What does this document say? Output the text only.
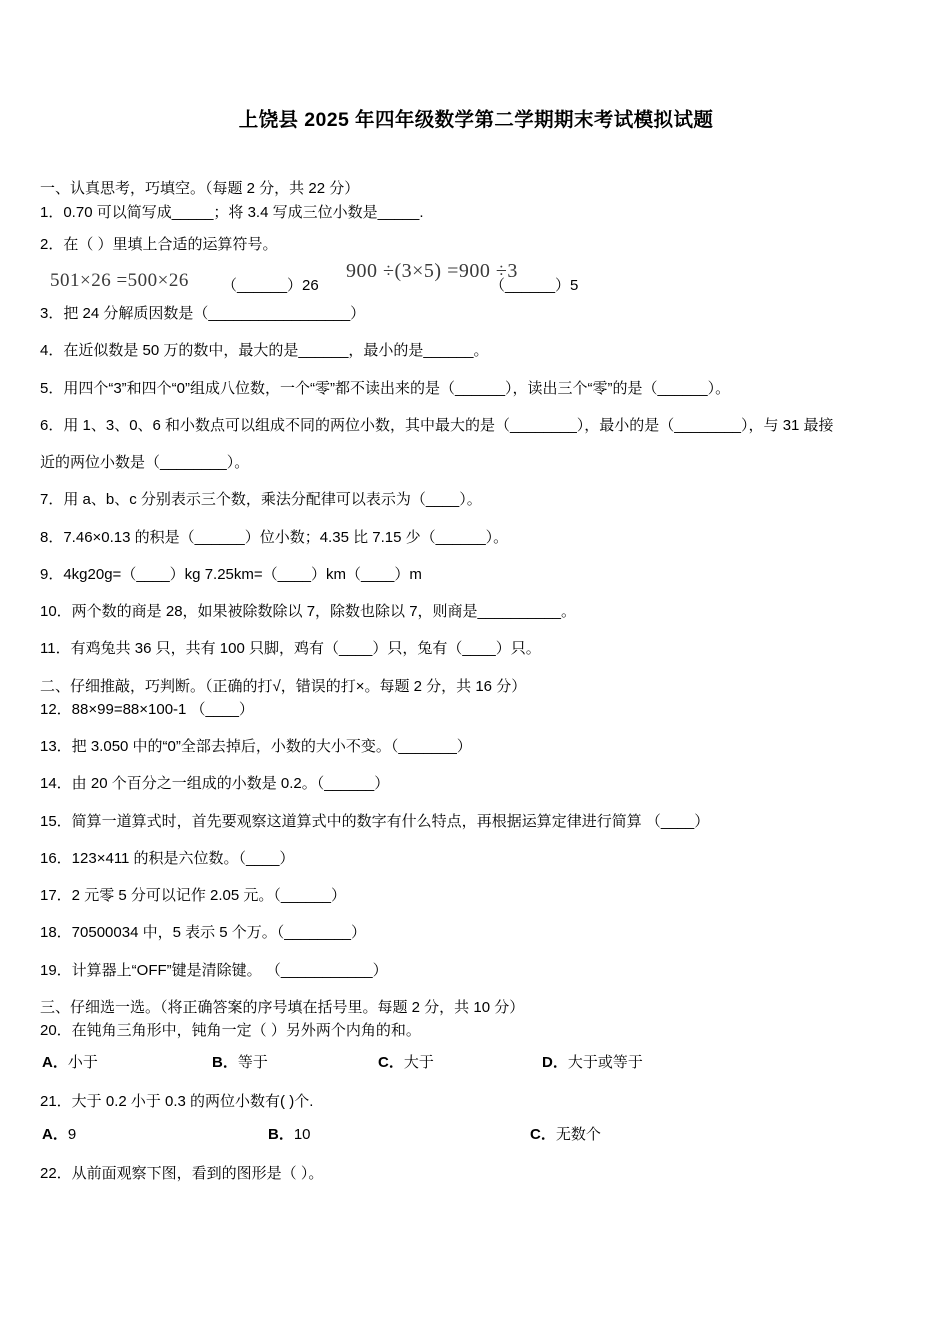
上饶县 2025 年四年级数学第二学期期末考试模拟试题

一、认真思考，巧填空。（每题 2 分，共 22 分）

1．0.70 可以简写成_____；将 3.4 写成三位小数是_____.

2．在（ ）里填上合适的运算符号。

501×26 =500×26 （______）26
900 ÷(3×5) =900 ÷3
（______）5

3．把 24 分解质因数是（_________________）

4．在近似数是 50 万的数中，最大的是______，最小的是______。

5．用四个“3”和四个“0”组成八位数，一个“零”都不读出来的是（______），读出三个“零”的是（______）。

6．用 1、3、0、6 和小数点可以组成不同的两位小数，其中最大的是（________），最小的是（________），与 31 最接

近的两位小数是（________）。

7．用 a、b、c 分别表示三个数，乘法分配律可以表示为（____）。

8．7.46×0.13 的积是（______）位小数；4.35 比 7.15 少（______）。

9．4kg20g=（____）kg 7.25km=（____）km（____）m

10．两个数的商是 28，如果被除数除以 7，除数也除以 7，则商是__________。

11．有鸡兔共 36 只，共有 100 只脚，鸡有（____）只，兔有（____）只。

二、仔细推敲，巧判断。（正确的打√，错误的打×。每题 2 分，共 16 分）

12．88×99=88×100-1 （____）

13．把 3.050 中的“0”全部去掉后，小数的大小不变。（_______）

14．由 20 个百分之一组成的小数是 0.2。（______）

15．简算一道算式时，首先要观察这道算式中的数字有什么特点，再根据运算定律进行简算 （____）

16．123×411 的积是六位数。（____）

17．2 元零 5 分可以记作 2.05 元。（______）

18．70500034 中，5 表示 5 个万。（________）

19．计算器上“OFF”键是清除键。 （___________）

三、仔细选一选。（将正确答案的序号填在括号里。每题 2 分，共 10 分）

20．在钝角三角形中，钝角一定（ ）另外两个内角的和。

A．小于	B．等于	C．大于	D．大于或等于

21．大于 0.2 小于 0.3 的两位小数有( )个.

A．9	B．10	C．无数个

22．从前面观察下图，看到的图形是（ ）。
